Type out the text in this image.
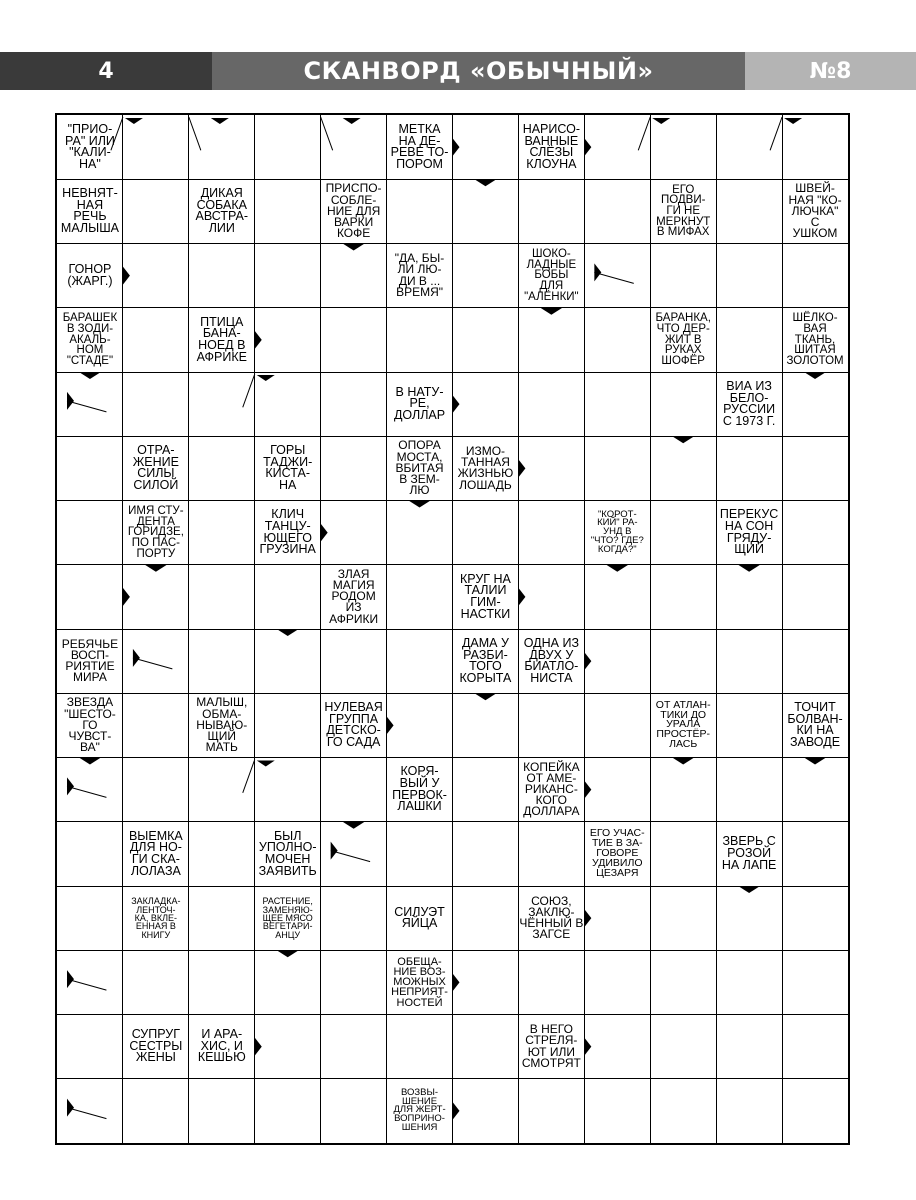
4	СКАНВОРД «ОБЫЧНЫЙ»	№8
"ПРИО-
РА" ИЛИ
"КАЛИ-
НА"
МЕТКА
НА ДЕ-
РЕВЕ ТО-
ПОРОМ
НАРИСО-
ВАННЫЕ
СЛЁЗЫ
КЛОУНА
НЕВНЯТ-
НАЯ
РЕЧЬ
МАЛЫША
ДИКАЯ
СОБАКА
АВСТРА-
ЛИИ
ПРИСПО-
СОБЛЕ-
НИЕ ДЛЯ
ВАРКИ
КОФЕ
ЕГО
ПОДВИ-
ГИ НЕ
МЕРКНУТ
В МИФАХ
ШВЕЙ-
НАЯ "КО-
ЛЮЧКА"
С
УШКОМ
ГОНОР
(ЖАРГ.)
"ДА, БЫ-
ЛИ ЛЮ-
ДИ В ...
ВРЕМЯ"
ШОКО-
ЛАДНЫЕ
БОБЫ
ДЛЯ
"АЛЁНКИ"
БАРАШЕК
В ЗОДИ-
АКАЛЬ-
НОМ
"СТАДЕ"
ПТИЦА
БАНА-
НОЕД В
АФРИКЕ
БАРАНКА,
ЧТО ДЕР-
ЖИТ В
РУКАХ
ШОФЁР
ШЁЛКО-
ВАЯ
ТКАНЬ,
ШИТАЯ
ЗОЛОТОМ
В НАТУ-
РЕ,
ДОЛЛАР
ВИА ИЗ
БЕЛО-
РУССИИ
С 1973 Г.
ОТРА-
ЖЕНИЕ
СИЛЫ
СИЛОЙ
ГОРЫ
ТАДЖИ-
КИСТА-
НА
ОПОРА
МОСТА,
ВБИТАЯ
В ЗЕМ-
ЛЮ
ИЗМО-
ТАННАЯ
ЖИЗНЬЮ
ЛОШАДЬ
ИМЯ СТУ-
ДЕНТА
ГОРИДЗЕ,
ПО ПАС-
ПОРТУ
КЛИЧ
ТАНЦУ-
ЮЩЕГО
ГРУЗИНА
"КОРОТ-
КИЙ" РА-
УНД В
"ЧТО? ГДЕ?
КОГДА?"
ПЕРЕКУС
НА СОН
ГРЯДУ-
ЩИЙ
ЗЛАЯ
МАГИЯ
РОДОМ
ИЗ
АФРИКИ
КРУГ НА
ТАЛИИ
ГИМ-
НАСТКИ
РЕБЯЧЬЕ
ВОСП-
РИЯТИЕ
МИРА
ДАМА У
РАЗБИ-
ТОГО
КОРЫТА
ОДНА ИЗ
ДВУХ У
БИАТЛО-
НИСТА
ЗВЕЗДА
"ШЕСТО-
ГО
ЧУВСТ-
ВА"
МАЛЫШ,
ОБМА-
НЫВАЮ-
ЩИЙ
МАТЬ
НУЛЕВАЯ
ГРУППА
ДЕТСКО-
ГО САДА
ОТ АТЛАН-
ТИКИ ДО
УРАЛА
ПРОСТЁР-
ЛАСЬ
ТОЧИТ
БОЛВАН-
КИ НА
ЗАВОДЕ
КОРЯ-
ВЫЙ У
ПЕРВОК-
ЛАШКИ
КОПЕЙКА
ОТ АМЕ-
РИКАНС-
КОГО
ДОЛЛАРА
ВЫЕМКА
ДЛЯ НО-
ГИ СКА-
ЛОЛАЗА
БЫЛ
УПОЛНО-
МОЧЕН
ЗАЯВИТЬ
ЕГО УЧАС-
ТИЕ В ЗА-
ГОВОРЕ
УДИВИЛО
ЦЕЗАРЯ
ЗВЕРЬ С
РОЗОЙ
НА ЛАПЕ
ЗАКЛАДКА-
ЛЕНТОЧ-
КА, ВКЛЕ-
ЕННАЯ В
КНИГУ
РАСТЕНИЕ,
ЗАМЕНЯЮ-
ЩЕЕ МЯСО
ВЕГЕТАРИ-
АНЦУ
СИЛУЭТ
ЯЙЦА
СОЮЗ,
ЗАКЛЮ-
ЧЁННЫЙ В
ЗАГСЕ
ОБЕЩА-
НИЕ ВОЗ-
МОЖНЫХ
НЕПРИЯТ-
НОСТЕЙ
СУПРУГ
СЕСТРЫ
ЖЕНЫ
И АРА-
ХИС, И
КЕШЬЮ
В НЕГО
СТРЕЛЯ-
ЮТ ИЛИ
СМОТРЯТ
ВОЗВЫ-
ШЕНИЕ
ДЛЯ ЖЕРТ-
ВОПРИНО-
ШЕНИЯ
